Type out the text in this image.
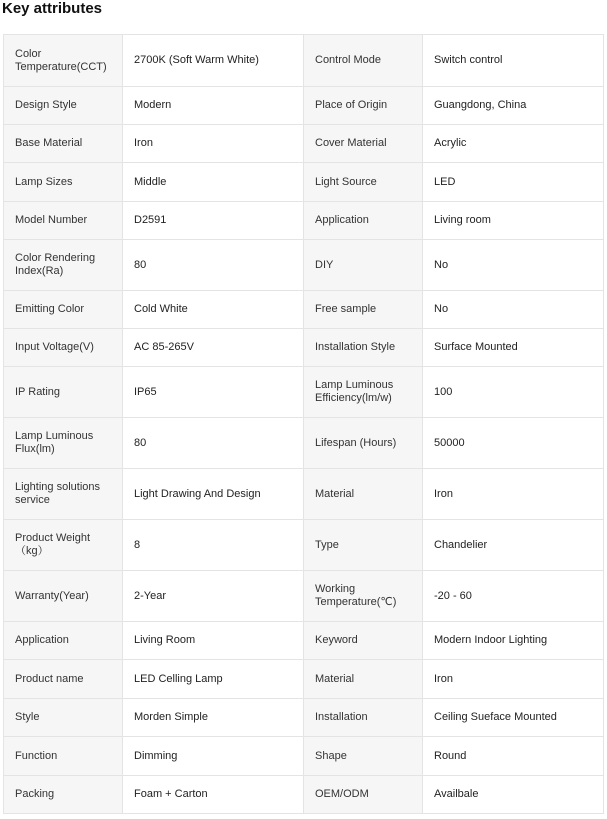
Key attributes
Color Temperature(CCT)	2700K (Soft Warm White)	Control Mode	Switch control
Design Style	Modern	Place of Origin	Guangdong, China
Base Material	Iron	Cover Material	Acrylic
Lamp Sizes	Middle	Light Source	LED
Model Number	D2591	Application	Living room
Color Rendering Index(Ra)	80	DIY	No
Emitting Color	Cold White	Free sample	No
Input Voltage(V)	AC 85-265V	Installation Style	Surface Mounted
IP Rating	IP65	Lamp Luminous Efficiency(lm/w)	100
Lamp Luminous Flux(lm)	80	Lifespan (Hours)	50000
Lighting solutions service	Light Drawing And Design	Material	Iron
Product Weight（kg）	8	Type	Chandelier
Warranty(Year)	2-Year	Working Temperature(℃)	-20 - 60
Application	Living Room	Keyword	Modern Indoor Lighting
Product name	LED Celling Lamp	Material	Iron
Style	Morden Simple	Installation	Ceiling Sueface Mounted
Function	Dimming	Shape	Round
Packing	Foam + Carton	OEM/ODM	Availbale
